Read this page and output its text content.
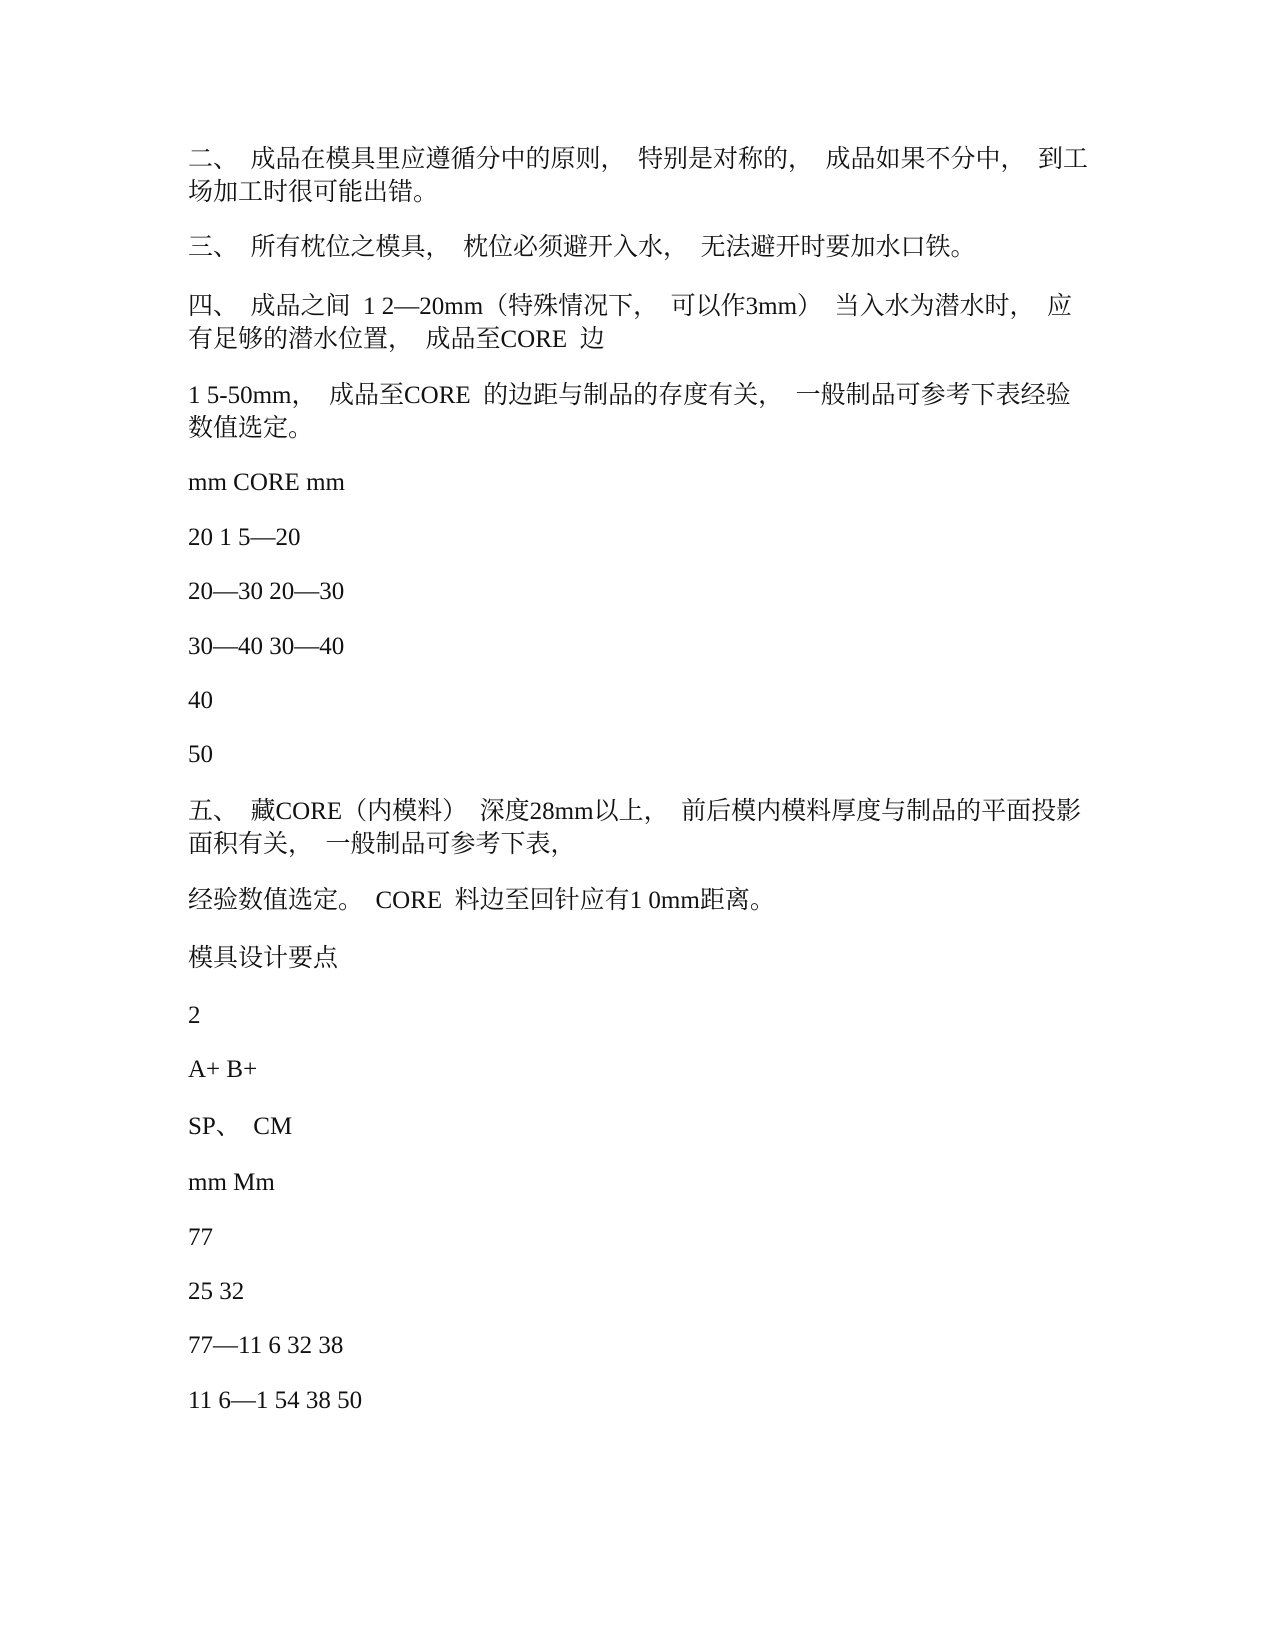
二、  成品在模具里应遵循分中的原则，  特别是对称的，  成品如果不分中，  到工场加工时很可能出错。

三、  所有枕位之模具，  枕位必须避开入水，  无法避开时要加水口铁。

四、  成品之间  1 2—20mm（特殊情况下，  可以作3mm）  当入水为潜水时，  应有足够的潜水位置，  成品至CORE  边

1 5-50mm，  成品至CORE  的边距与制品的存度有关，  一般制品可参考下表经验数值选定。

mm CORE mm

20 1 5—20

20—30 20—30

30—40 30—40

40

50

五、  藏CORE（内模料）  深度28mm以上，  前后模内模料厚度与制品的平面投影面积有关，  一般制品可参考下表，

经验数值选定。  CORE  料边至回针应有1 0mm距离。

模具设计要点

2

A+ B+

SP、  CM

mm Mm

77

25 32

77—11 6 32 38

11 6—1 54 38 50
